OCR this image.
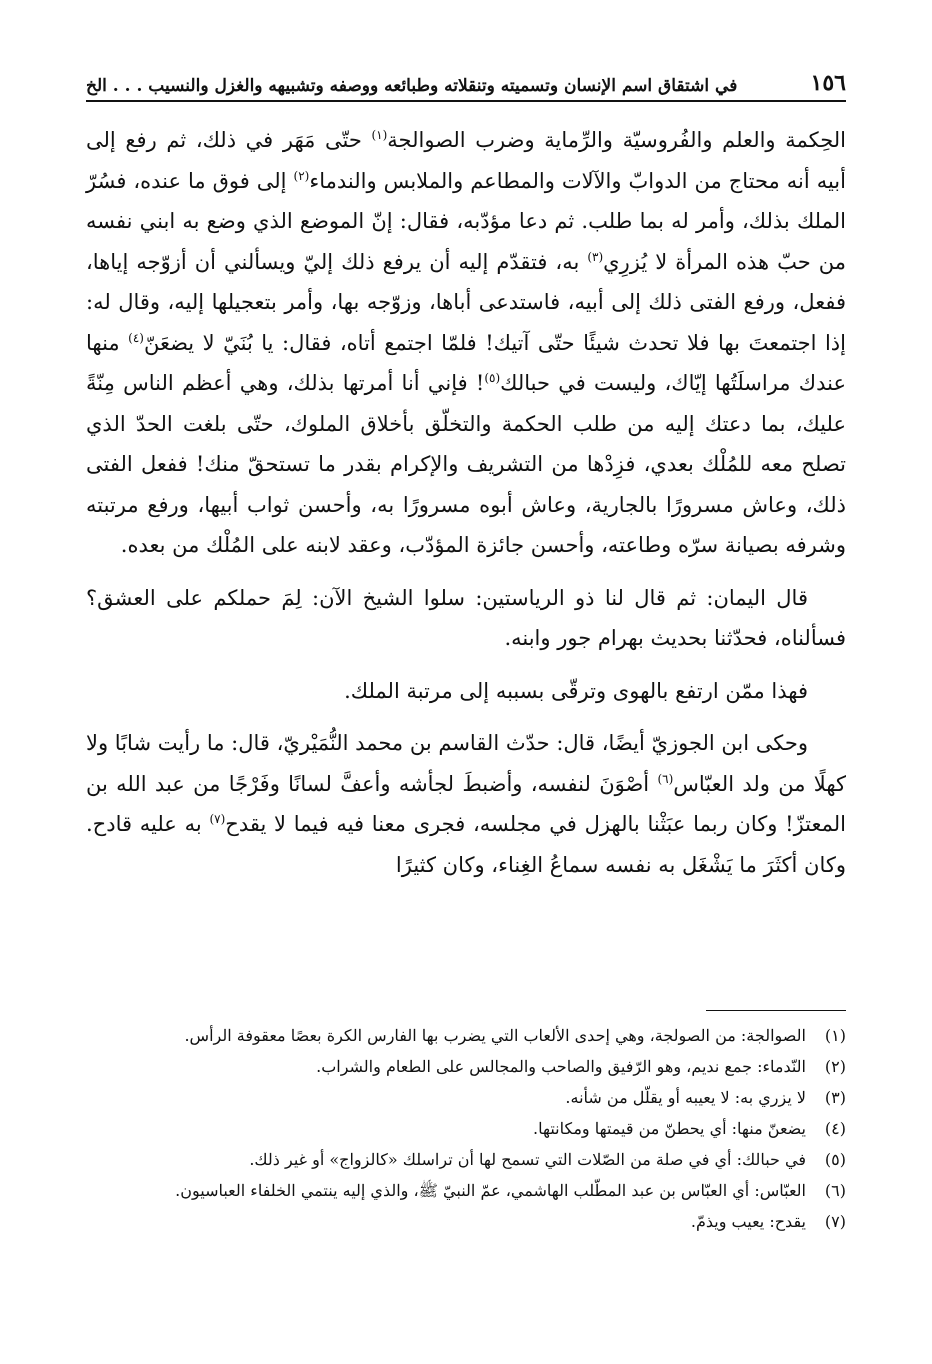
١٥٦
في اشتقاق اسم الإنسان وتسميته وتنقلاته وطبائعه ووصفه وتشبيهه والغزل والنسيب . . . الخ

الحِكمة والعلم والفُروسيّة والرِّماية وضرب الصوالجة$^{(١)}$ حتّى مَهَر في ذلك، ثم رفع إلى أبيه أنه محتاج من الدوابّ والآلات والمطاعم والملابس والندماء$^{(٢)}$ إلى فوق ما عنده، فسُرّ الملك بذلك، وأمر له بما طلب. ثم دعا مؤدّبه، فقال: إنّ الموضع الذي وضع به ابني نفسه من حبّ هذه المرأة لا يُزرِي$^{(٣)}$ به، فتقدّم إليه أن يرفع ذلك إليّ ويسألني أن أزوّجه إياها، ففعل، ورفع الفتى ذلك إلى أبيه، فاستدعى أباها، وزوّجه بها، وأمر بتعجيلها إليه، وقال له: إذا اجتمعتَ بها فلا تحدث شيئًا حتّى آتيك! فلمّا اجتمع أتاه، فقال: يا بُنَيّ لا يضعَنّ$^{(٤)}$ منها عندك مراسلَتُها إيّاك، وليست في حبالك$^{(٥)}$! فإني أنا أمرتها بذلك، وهي أعظم الناس مِنّةً عليك، بما دعتك إليه من طلب الحكمة والتخلّق بأخلاق الملوك، حتّى بلغت الحدّ الذي تصلح معه للمُلْك بعدي، فزِدْها من التشريف والإكرام بقدر ما تستحقّ منك! ففعل الفتى ذلك، وعاش مسرورًا بالجارية، وعاش أبوه مسرورًا به، وأحسن ثواب أبيها، ورفع مرتبته وشرفه بصيانة سرّه وطاعته، وأحسن جائزة المؤدّب، وعقد لابنه على المُلْك من بعده.

قال اليمان: ثم قال لنا ذو الرياستين: سلوا الشيخ الآن: لِمَ حملكم على العشق؟ فسألناه، فحدّثنا بحديث بهرام جور وابنه.

فهذا ممّن ارتفع بالهوى وترقّى بسببه إلى مرتبة الملك.

وحكى ابن الجوزيّ أيضًا، قال: حدّث القاسم بن محمد النُّمَيْريّ، قال: ما رأيت شابًا ولا كهلًا من ولد العبّاس$^{(٦)}$ أصْوَنَ لنفسه، وأضبطَ لجأشه وأعفَّ لسانًا وفَرْجًا من عبد الله بن المعتزّ! وكان ربما عبَثْنا بالهزل في مجلسه، فجرى معنا فيه فيما لا يقدح$^{(٧)}$ به عليه قادح. وكان أكثَرَ ما يَشْغَل به نفسه سماعُ الغِناء، وكان كثيرًا

(١)
الصوالجة: من الصولجة، وهي إحدى الألعاب التي يضرب بها الفارس الكرة بعصًا معقوفة الرأس.
(٢)
النّدماء: جمع نديم، وهو الرّفيق والصاحب والمجالس على الطعام والشراب.
(٣)
لا يزري به: لا يعيبه أو يقلّل من شأنه.
(٤)
يضعنّ منها: أي يحطنّ من قيمتها ومكانتها.
(٥)
في حبالك: أي في صلة من الصّلات التي تسمح لها أن تراسلك «كالزواج» أو غير ذلك.
(٦)
العبّاس: أي العبّاس بن عبد المطّلب الهاشمي، عمّ النبيّ ﷺ، والذي إليه ينتمي الخلفاء العباسيون.
(٧)
يقدح: يعيب ويذمّ.
